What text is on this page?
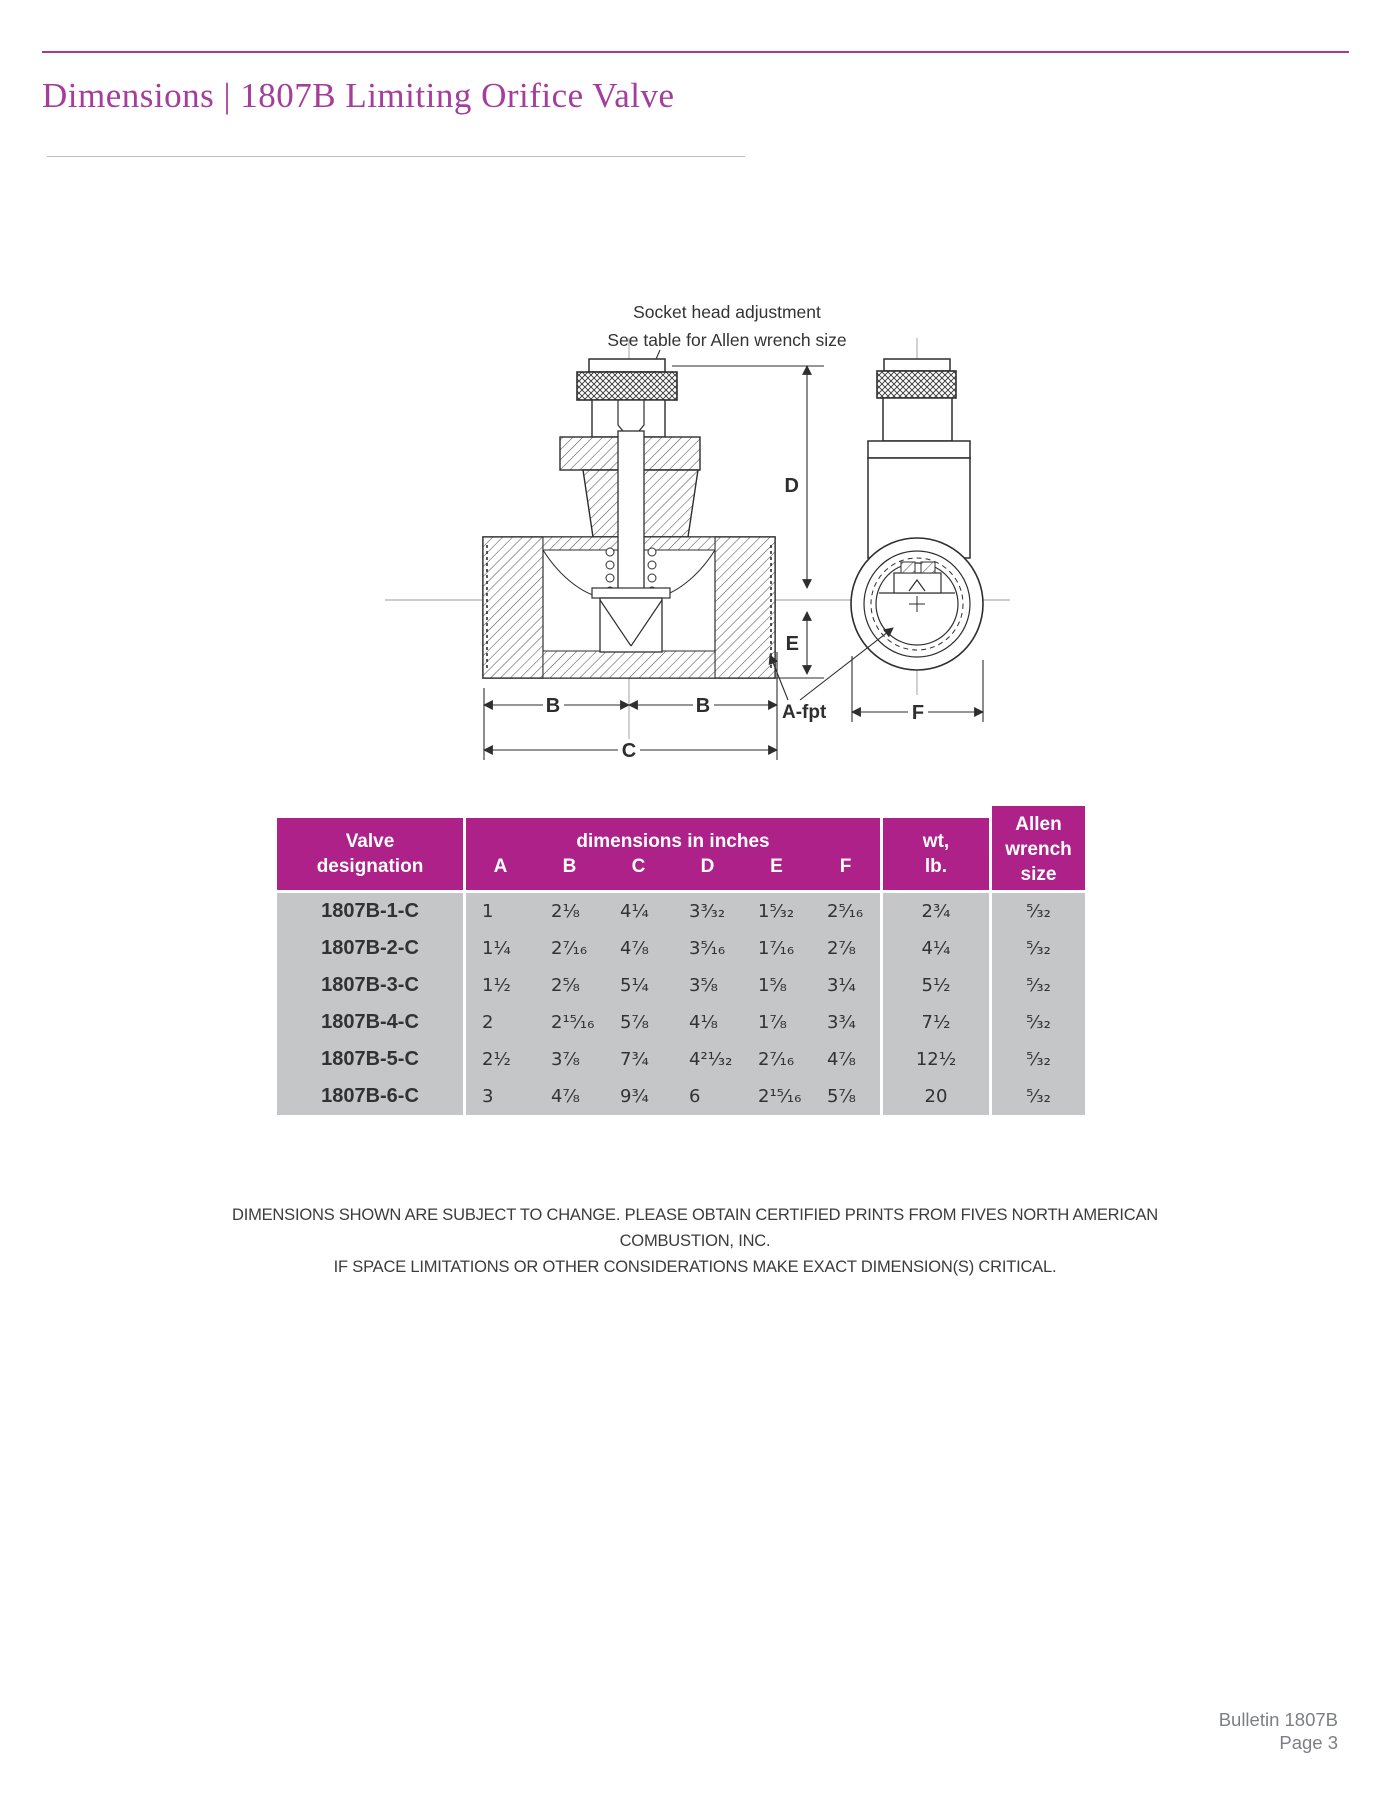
Dimensions | 1807B Limiting Orifice Valve
Socket head adjustment
See table for Allen wrench size
D
E
B	B
C
A-fpt	F
Valve
designation
dimensions in inches
A	B	C	D	E	F
wt,
lb.
Allen
wrench
size
1807B-1-C	1	2¹⁄₈	4¹⁄₄	3³⁄₃₂	1⁵⁄₃₂	2⁵⁄₁₆	2³⁄₄	⁵⁄₃₂
1807B-2-C	1¹⁄₄	2⁷⁄₁₆	4⁷⁄₈	3⁵⁄₁₆	1⁷⁄₁₆	2⁷⁄₈	4¹⁄₄	⁵⁄₃₂
1807B-3-C	1¹⁄₂	2⁵⁄₈	5¹⁄₄	3⁵⁄₈	1⁵⁄₈	3¹⁄₄	5¹⁄₂	⁵⁄₃₂
1807B-4-C	2	2¹⁵⁄₁₆	5⁷⁄₈	4¹⁄₈	1⁷⁄₈	3³⁄₄	7¹⁄₂	⁵⁄₃₂
1807B-5-C	2¹⁄₂	3⁷⁄₈	7³⁄₄	4²¹⁄₃₂	2⁷⁄₁₆	4⁷⁄₈	12¹⁄₂	⁵⁄₃₂
1807B-6-C	3	4⁷⁄₈	9³⁄₄	6	2¹⁵⁄₁₆	5⁷⁄₈	20	⁵⁄₃₂
DIMENSIONS SHOWN ARE SUBJECT TO CHANGE. PLEASE OBTAIN CERTIFIED PRINTS FROM FIVES NORTH AMERICAN COMBUSTION, INC.
IF SPACE LIMITATIONS OR OTHER CONSIDERATIONS MAKE EXACT DIMENSION(S) CRITICAL.
Bulletin 1807B
Page 3
